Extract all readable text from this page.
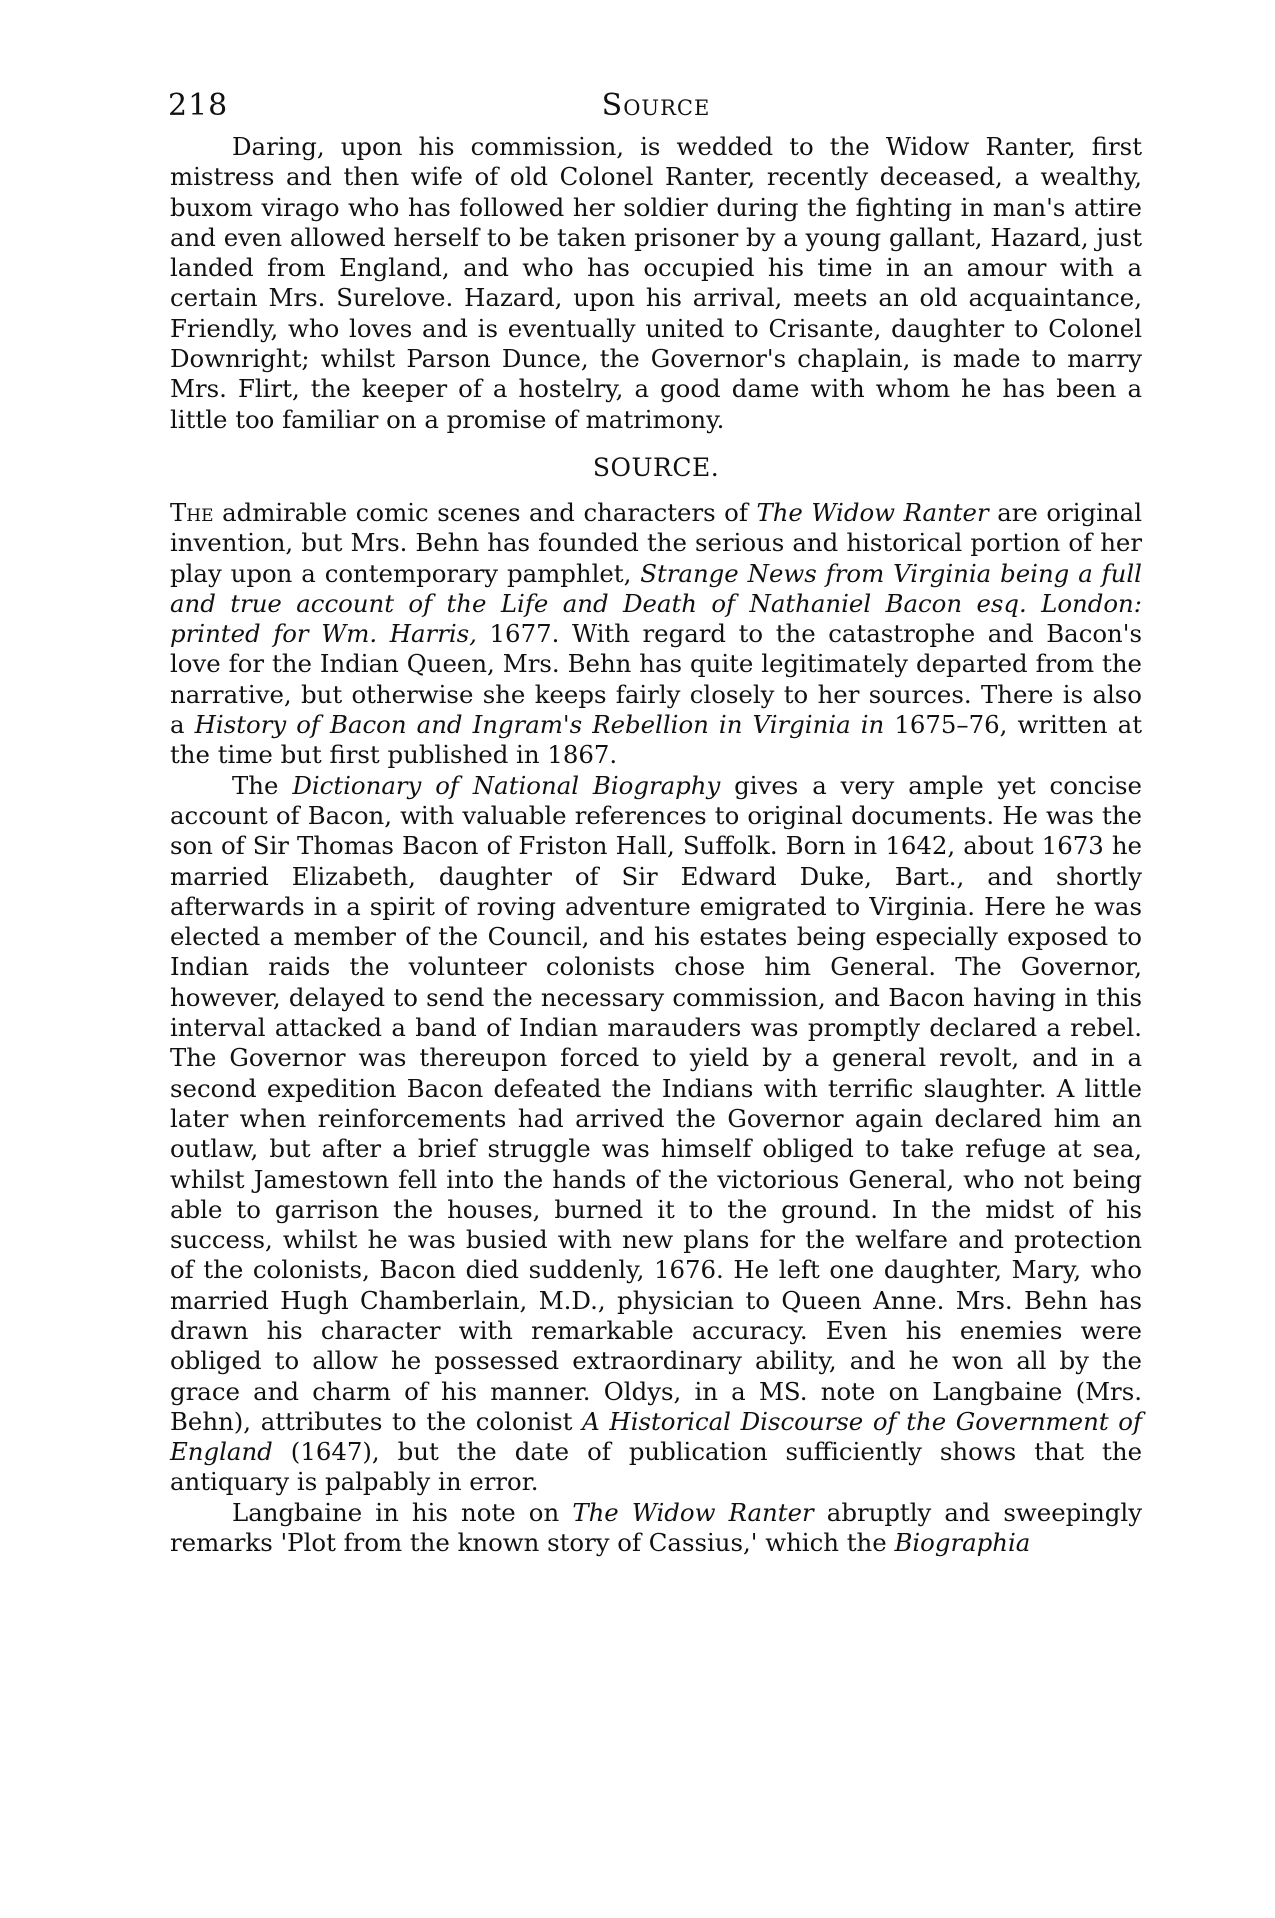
218	Source

Daring, upon his commission, is wedded to the Widow Ranter, first mistress and then wife of old Colonel Ranter, recently deceased, a wealthy, buxom virago who has followed her soldier during the fighting in man's attire and even allowed herself to be taken prisoner by a young gallant, Hazard, just landed from England, and who has occupied his time in an amour with a certain Mrs. Surelove. Hazard, upon his arrival, meets an old acquaintance, Friendly, who loves and is eventually united to Crisante, daughter to Colonel Downright; whilst Parson Dunce, the Governor's chaplain, is made to marry Mrs. Flirt, the keeper of a hostelry, a good dame with whom he has been a little too familiar on a promise of matrimony.

SOURCE.

The admirable comic scenes and characters of The Widow Ranter are original invention, but Mrs. Behn has founded the serious and historical portion of her play upon a contemporary pamphlet, Strange News from Virginia being a full and true account of the Life and Death of Nathaniel Bacon esq. London: printed for Wm. Harris, 1677. With regard to the catastrophe and Bacon's love for the Indian Queen, Mrs. Behn has quite legitimately departed from the narrative, but otherwise she keeps fairly closely to her sources. There is also a History of Bacon and Ingram's Rebellion in Virginia in 1675–76, written at the time but first published in 1867.

The Dictionary of National Biography gives a very ample yet concise account of Bacon, with valuable references to original documents. He was the son of Sir Thomas Bacon of Friston Hall, Suffolk. Born in 1642, about 1673 he married Elizabeth, daughter of Sir Edward Duke, Bart., and shortly afterwards in a spirit of roving adventure emigrated to Virginia. Here he was elected a member of the Council, and his estates being especially exposed to Indian raids the volunteer colonists chose him General. The Governor, however, delayed to send the necessary commission, and Bacon having in this interval attacked a band of Indian marauders was promptly declared a rebel. The Governor was thereupon forced to yield by a general revolt, and in a second expedition Bacon defeated the Indians with terrific slaughter. A little later when reinforcements had arrived the Governor again declared him an outlaw, but after a brief struggle was himself obliged to take refuge at sea, whilst Jamestown fell into the hands of the victorious General, who not being able to garrison the houses, burned it to the ground. In the midst of his success, whilst he was busied with new plans for the welfare and protection of the colonists, Bacon died suddenly, 1676. He left one daughter, Mary, who married Hugh Chamberlain, M.D., physician to Queen Anne. Mrs. Behn has drawn his character with remarkable accuracy. Even his enemies were obliged to allow he possessed extraordinary ability, and he won all by the grace and charm of his manner. Oldys, in a MS. note on Langbaine (Mrs. Behn), attributes to the colonist A Historical Discourse of the Government of England (1647), but the date of publication sufficiently shows that the antiquary is palpably in error.

Langbaine in his note on The Widow Ranter abruptly and sweepingly remarks 'Plot from the known story of Cassius,' which the Biographia
